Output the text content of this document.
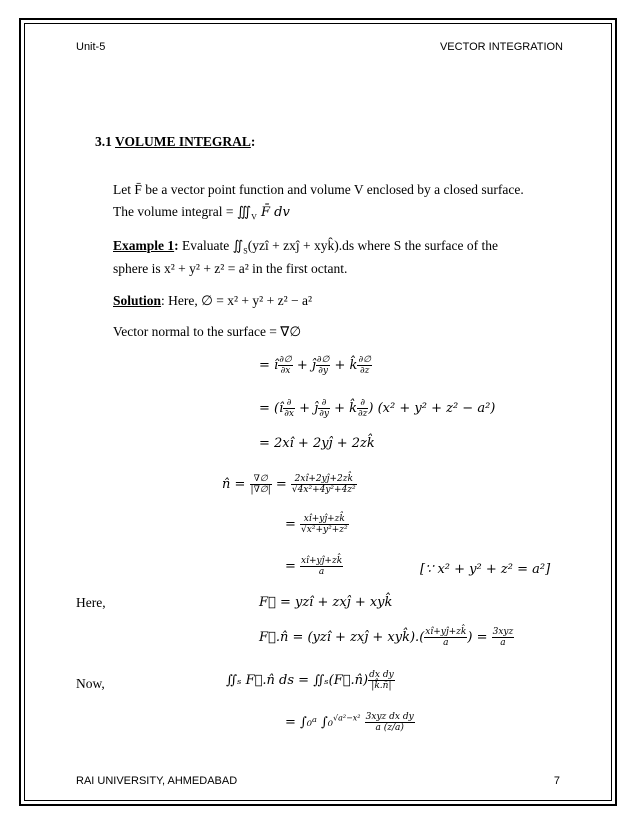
Unit-5	VECTOR INTEGRATION
3.1 VOLUME INTEGRAL:
Let F̄ be a vector point function and volume V enclosed by a closed surface.
The volume integral = $∭_V$ F̄ dv
Example 1: Evaluate $∬_S(yzî$ + zxĵ + xyk̂).ds where S the surface of the
sphere is x² + y² + z² = a² in the first octant.
Solution: Here, ∅ = x² + y² + z² − a²
Vector normal to the surface = ∇∅
= î $\frac{\partial\emptyset}{\partial x}$ + ĵ $\frac{\partial\emptyset}{\partial y}$ + k̂ $\frac{\partial\emptyset}{\partial z}$
= (î $\frac{\partial}{\partial x}$ + ĵ $\frac{\partial}{\partial y}$ + k̂ $\frac{\partial}{\partial z}$ ) (x² + y² + z² − a²)
= 2xî + 2yĵ + 2zk̂
n̂ = $\frac{\nabla\emptyset}{|\nabla\emptyset|} = \frac{2xî+2yĵ+2zk̂}{\text{√4x²+4y²+4z²}}$
= $\frac{xî+yĵ+zk̂}{\text{√x²+y²+z²}}$
= $\frac{xî+yĵ+zk̂}{a}$	[∵ x² + y² + z² = a²]
Here,	F⃗ = yzî + zxĵ + xyk̂
F⃗.n̂ = (yzî + zxĵ + xyk̂).( $\frac{xî+yĵ+zk̂}{a}$ ) = $\frac{\text{3xyz}}{a}$
Now,	∬ₛ F⃗.n̂ ds = ∬ₛ(F⃗.n̂) $\frac{\text{dx dy}}{|k̂.n̂|}$
= ∫₀ᵃ $\int_0^{√a^2-x^2} \frac{\text{3xyz dx dy}}{a (z/a)}$
RAI UNIVERSITY, AHMEDABAD	7
